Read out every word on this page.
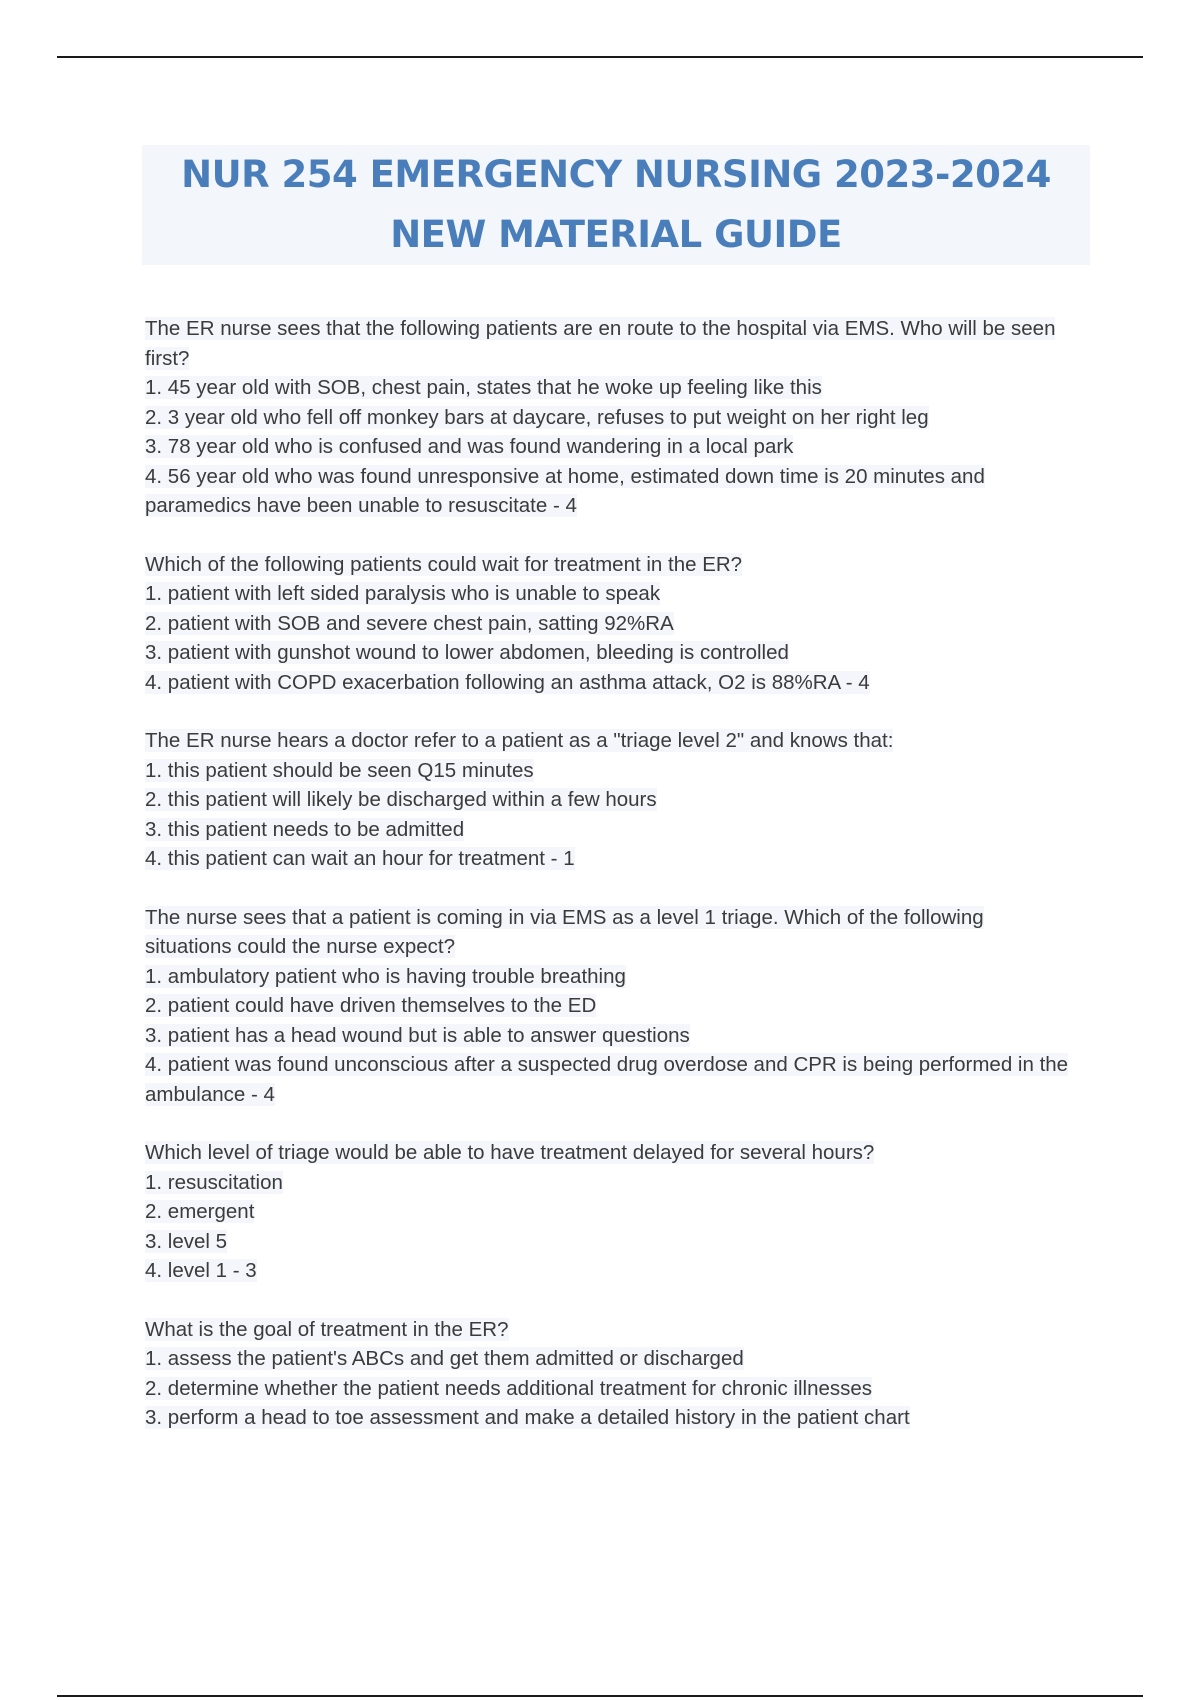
NUR 254 EMERGENCY NURSING 2023-2024
NEW MATERIAL GUIDE
The ER nurse sees that the following patients are en route to the hospital via EMS. Who will be seen first?
1. 45 year old with SOB, chest pain, states that he woke up feeling like this
2. 3 year old who fell off monkey bars at daycare, refuses to put weight on her right leg
3. 78 year old who is confused and was found wandering in a local park
4. 56 year old who was found unresponsive at home, estimated down time is 20 minutes and paramedics have been unable to resuscitate - 4
Which of the following patients could wait for treatment in the ER?
1. patient with left sided paralysis who is unable to speak
2. patient with SOB and severe chest pain, satting 92%RA
3. patient with gunshot wound to lower abdomen, bleeding is controlled
4. patient with COPD exacerbation following an asthma attack, O2 is 88%RA - 4
The ER nurse hears a doctor refer to a patient as a "triage level 2" and knows that:
1. this patient should be seen Q15 minutes
2. this patient will likely be discharged within a few hours
3. this patient needs to be admitted
4. this patient can wait an hour for treatment - 1
The nurse sees that a patient is coming in via EMS as a level 1 triage. Which of the following situations could the nurse expect?
1. ambulatory patient who is having trouble breathing
2. patient could have driven themselves to the ED
3. patient has a head wound but is able to answer questions
4. patient was found unconscious after a suspected drug overdose and CPR is being performed in the ambulance - 4
Which level of triage would be able to have treatment delayed for several hours?
1. resuscitation
2. emergent
3. level 5
4. level 1 - 3
What is the goal of treatment in the ER?
1. assess the patient's ABCs and get them admitted or discharged
2. determine whether the patient needs additional treatment for chronic illnesses
3. perform a head to toe assessment and make a detailed history in the patient chart
